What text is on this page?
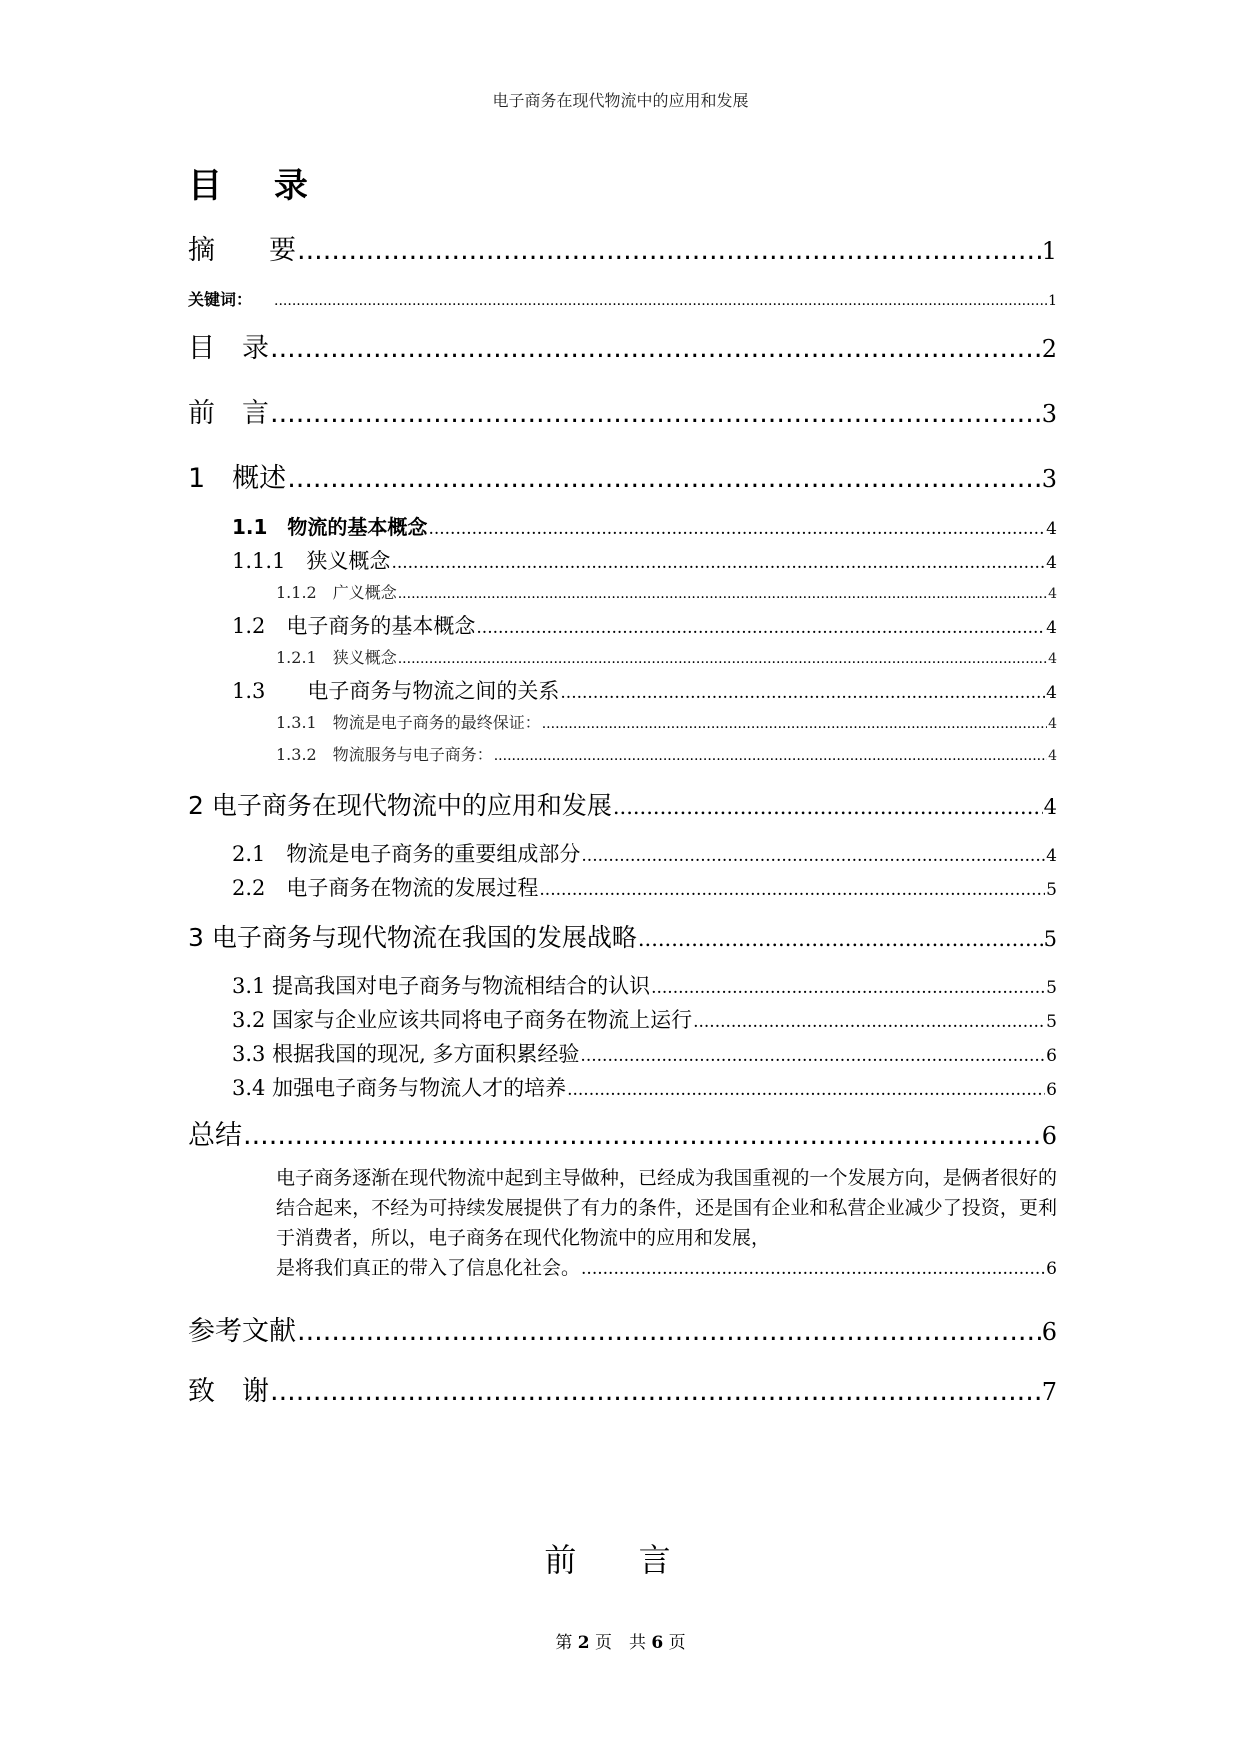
电子商务在现代物流中的应用和发展
目 录
摘　　要 .....	1
关键词： .....	1
目　录 .....	2
前　言 .....	3
1　概述 .....	3
1.1　物流的基本概念 .....	4
1.1.1　狭义概念 .....	4
1.1.2　广义概念 .....	4
1.2　电子商务的基本概念 .....	4
1.2.1　狭义概念 .....	4
1.3　　电子商务与物流之间的关系 .....	4
1.3.1　物流是电子商务的最终保证： .....	4
1.3.2　物流服务与电子商务： .....	4
2 电子商务在现代物流中的应用和发展 .....	4
2.1　物流是电子商务的重要组成部分 .....	4
2.2　电子商务在物流的发展过程 .....	5
3 电子商务与现代物流在我国的发展战略 .....	5
3.1 提高我国对电子商务与物流相结合的认识 .....	5
3.2 国家与企业应该共同将电子商务在物流上运行 .....	5
3.3 根据我国的现况, 多方面积累经验 .....	6
3.4 加强电子商务与物流人才的培养 .....	6
总结 .....	6
电子商务逐渐在现代物流中起到主导做种，已经成为我国重视的一个发展方向，是俩者很好的结合起来，不经为可持续发展提供了有力的条件，还是国有企业和私营企业减少了投资，更利于消费者，所以，电子商务在现代化物流中的应用和发展，
是将我们真正的带入了信息化社会。 .....	6
参考文献 .....	6
致　谢 .....	7
前 言
第 2 页　共 6 页
